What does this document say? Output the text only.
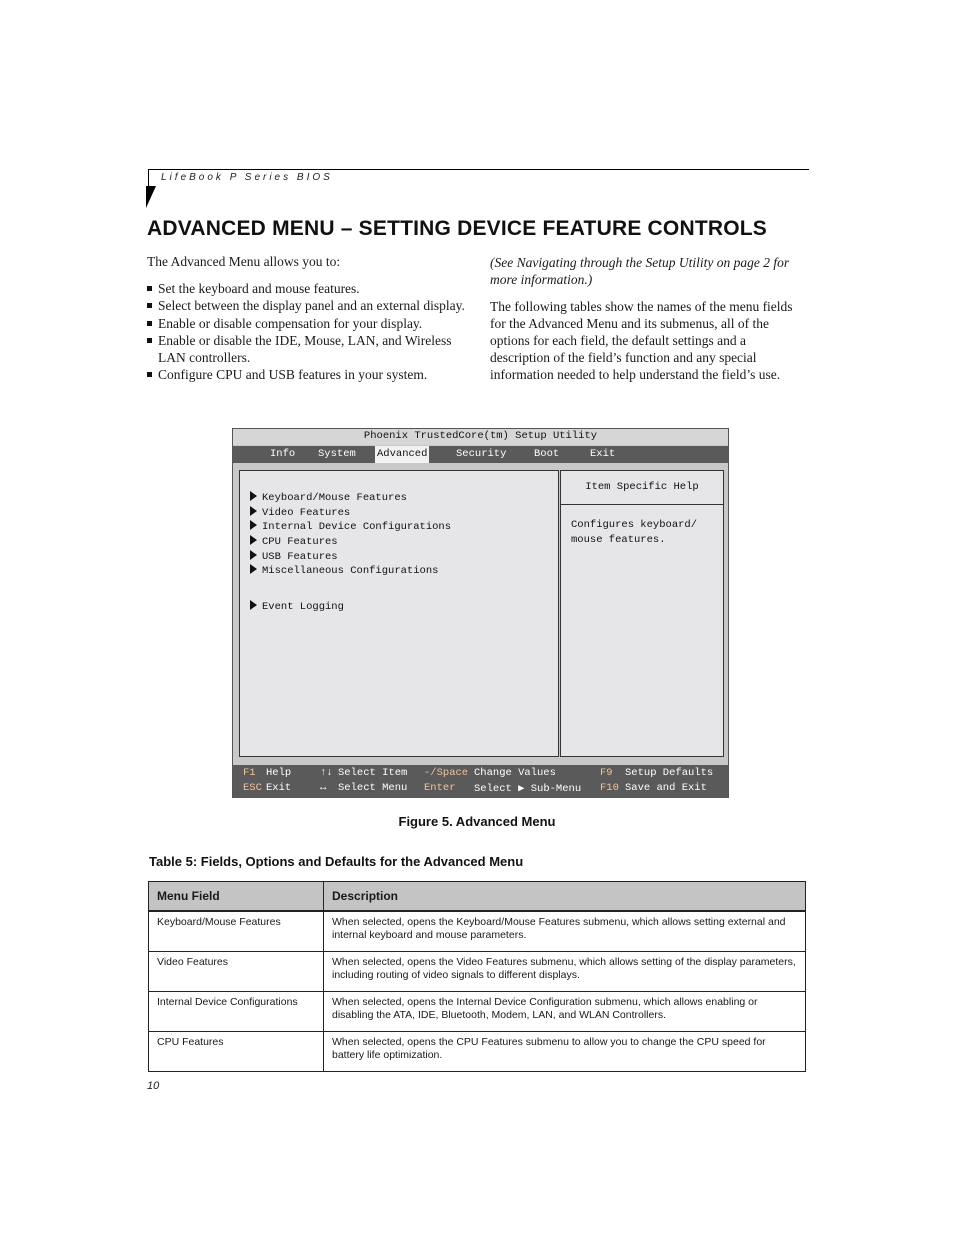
LifeBook P Series BIOS
ADVANCED MENU – SETTING DEVICE FEATURE CONTROLS

The Advanced Menu allows you to:

Set the keyboard and mouse features.
Select between the display panel and an external display.
Enable or disable compensation for your display.
Enable or disable the IDE, Mouse, LAN, and Wireless LAN controllers.
Configure CPU and USB features in your system.

(See Navigating through the Setup Utility on page 2 for more information.)

The following tables show the names of the menu fields for the Advanced Menu and its submenus, all of the options for each field, the default settings and a description of the field’s function and any special information needed to help understand the field’s use.

Phoenix TrustedCore(tm) Setup Utility
Info System Advanced	Security	Boot	Exit
Keyboard/Mouse Features
Video Features
Internal Device Configurations
CPU Features
USB Features
Miscellaneous Configurations
Event Logging
Item Specific Help
Configures keyboard/ mouse features.
F1 Help	↑↓ Select Item -/Space Change Values	F9 Setup Defaults
ESC Exit	↔ Select Menu Enter Select ▶ Sub-Menu F10 Save and Exit
Figure 5. Advanced Menu
Table 5: Fields, Options and Defaults for the Advanced Menu
Menu Field	Description
Keyboard/Mouse Features	When selected, opens the Keyboard/Mouse Features submenu, which allows setting external and internal keyboard and mouse parameters.
Video Features	When selected, opens the Video Features submenu, which allows setting of the display parameters, including routing of video signals to different displays.
Internal Device Configurations	When selected, opens the Internal Device Configuration submenu, which allows enabling or disabling the ATA, IDE, Bluetooth, Modem, LAN, and WLAN Controllers.
CPU Features	When selected, opens the CPU Features submenu to allow you to change the CPU speed for battery life optimization.
10
